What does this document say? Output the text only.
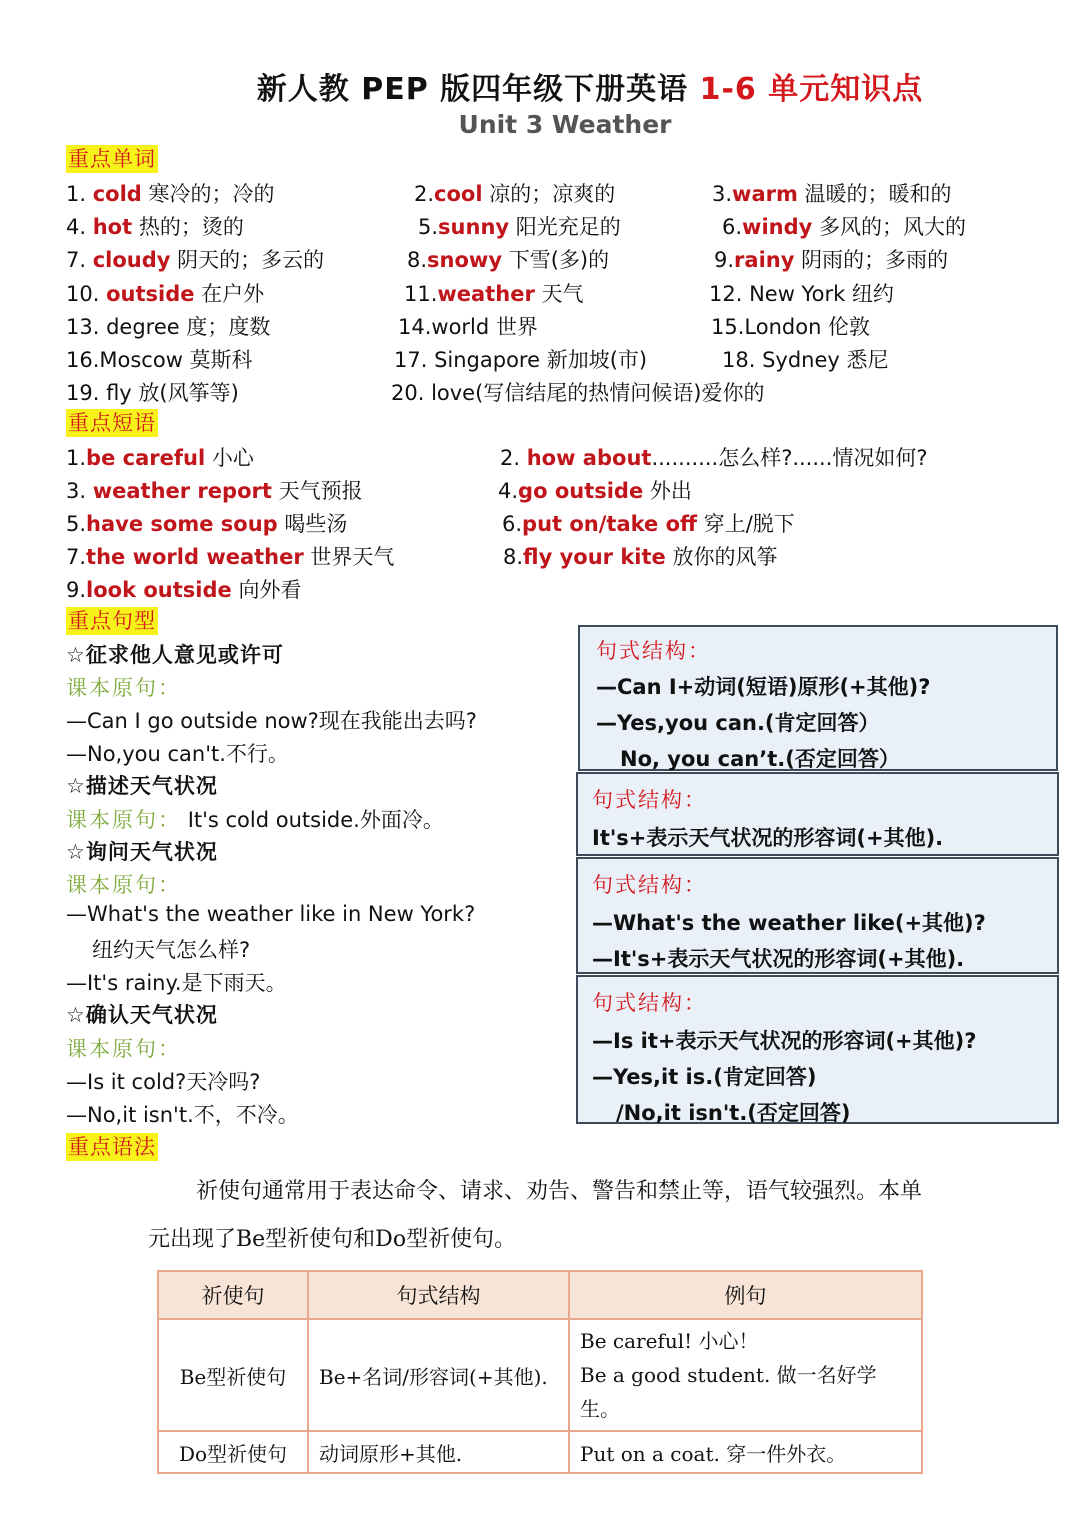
新人教 PEP 版四年级下册英语 1-6 单元知识点
Unit 3 Weather
重点单词
1. cold 寒冷的；冷的	2.cool 凉的；凉爽的	3.warm 温暖的；暖和的
4. hot 热的；烫的	5.sunny 阳光充足的	6.windy 多风的；风大的
7. cloudy 阴天的；多云的	8.snowy 下雪(多)的	9.rainy 阴雨的；多雨的
10. outside 在户外	11.weather 天气	12. New York 纽约
13. degree 度；度数	14.world 世界	15.London 伦敦
16.Moscow 莫斯科	17. Singapore 新加坡(市)	18. Sydney 悉尼
19. fly 放(风筝等)	20. love(写信结尾的热情问候语)爱你的
重点短语
1.be careful 小心	2. how about..........怎么样?......情况如何?
3. weather report 天气预报	4.go outside 外出
5.have some soup 喝些汤	6.put on/take off 穿上/脱下
7.the world weather 世界天气	8.fly your kite 放你的风筝
9.look outside 向外看
重点句型
☆征求他人意见或许可
课本原句：
—Can I go outside now?现在我能出去吗?
—No,you can't.不行。
☆描述天气状况
课本原句： It's cold outside.外面冷。
☆询问天气状况
课本原句：
—What's the weather like in New York?
纽约天气怎么样?
—It's rainy.是下雨天。
☆确认天气状况
课本原句：
—Is it cold?天冷吗?
—No,it isn't.不，不冷。
句式结构：
—Can I+动词(短语)原形(+其他)?
—Yes,you can.(肯定回答）
No, you can’t.(否定回答）
句式结构：
It's+表示天气状况的形容词(+其他).
句式结构：
—What's the weather like(+其他)?
—It's+表示天气状况的形容词(+其他).
句式结构：
—Is it+表示天气状况的形容词(+其他)?
—Yes,it is.(肯定回答)
/No,it isn't.(否定回答)
重点语法
祈使句通常用于表达命令、请求、劝告、警告和禁止等，语气较强烈。本单
元出现了Be型祈使句和Do型祈使句。
祈使句	句式结构	例句
Be型祈使句	Be+名词/形容词(+其他).	Be careful! 小心！
Be a good student. 做一名好学生。

Do型祈使句	动词原形+其他.	Put on a coat. 穿一件外衣。
